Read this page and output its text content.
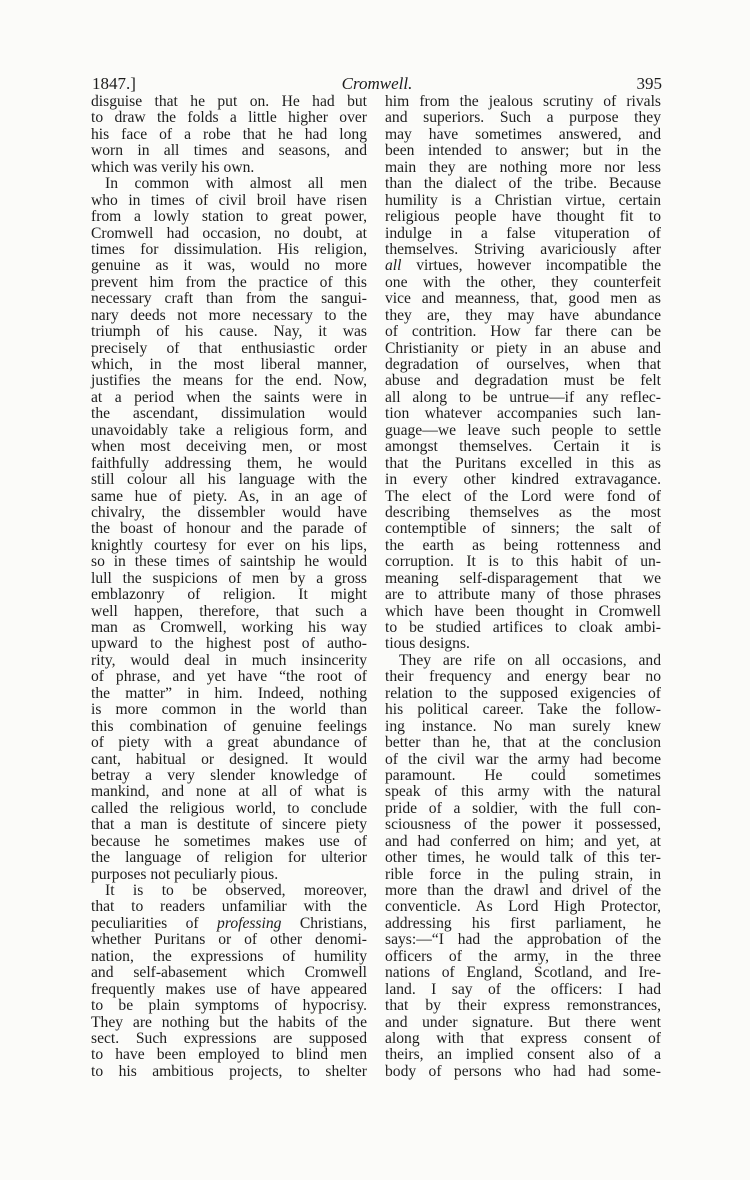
1847.]	Cromwell.	395
disguise that he put on. He had but
to draw the folds a little higher over
his face of a robe that he had long
worn in all times and seasons, and
which was verily his own.
In common with almost all men
who in times of civil broil have risen
from a lowly station to great power,
Cromwell had occasion, no doubt, at
times for dissimulation. His religion,
genuine as it was, would no more
prevent him from the practice of this
necessary craft than from the sangui-
nary deeds not more necessary to the
triumph of his cause. Nay, it was
precisely of that enthusiastic order
which, in the most liberal manner,
justifies the means for the end. Now,
at a period when the saints were in
the ascendant, dissimulation would
unavoidably take a religious form, and
when most deceiving men, or most
faithfully addressing them, he would
still colour all his language with the
same hue of piety. As, in an age of
chivalry, the dissembler would have
the boast of honour and the parade of
knightly courtesy for ever on his lips,
so in these times of saintship he would
lull the suspicions of men by a gross
emblazonry of religion. It might
well happen, therefore, that such a
man as Cromwell, working his way
upward to the highest post of autho-
rity, would deal in much insincerity
of phrase, and yet have “the root of
the matter” in him. Indeed, nothing
is more common in the world than
this combination of genuine feelings
of piety with a great abundance of
cant, habitual or designed. It would
betray a very slender knowledge of
mankind, and none at all of what is
called the religious world, to conclude
that a man is destitute of sincere piety
because he sometimes makes use of
the language of religion for ulterior
purposes not peculiarly pious.
It is to be observed, moreover,
that to readers unfamiliar with the
peculiarities of professing Christians,
whether Puritans or of other denomi-
nation, the expressions of humility
and self-abasement which Cromwell
frequently makes use of have appeared
to be plain symptoms of hypocrisy.
They are nothing but the habits of the
sect. Such expressions are supposed
to have been employed to blind men
to his ambitious projects, to shelter
him from the jealous scrutiny of rivals
and superiors. Such a purpose they
may have sometimes answered, and
been intended to answer; but in the
main they are nothing more nor less
than the dialect of the tribe. Because
humility is a Christian virtue, certain
religious people have thought fit to
indulge in a false vituperation of
themselves. Striving avariciously after
all virtues, however incompatible the
one with the other, they counterfeit
vice and meanness, that, good men as
they are, they may have abundance
of contrition. How far there can be
Christianity or piety in an abuse and
degradation of ourselves, when that
abuse and degradation must be felt
all along to be untrue—if any reflec-
tion whatever accompanies such lan-
guage—we leave such people to settle
amongst themselves. Certain it is
that the Puritans excelled in this as
in every other kindred extravagance.
The elect of the Lord were fond of
describing themselves as the most
contemptible of sinners; the salt of
the earth as being rottenness and
corruption. It is to this habit of un-
meaning self-disparagement that we
are to attribute many of those phrases
which have been thought in Cromwell
to be studied artifices to cloak ambi-
tious designs.
They are rife on all occasions, and
their frequency and energy bear no
relation to the supposed exigencies of
his political career. Take the follow-
ing instance. No man surely knew
better than he, that at the conclusion
of the civil war the army had become
paramount. He could sometimes
speak of this army with the natural
pride of a soldier, with the full con-
sciousness of the power it possessed,
and had conferred on him; and yet, at
other times, he would talk of this ter-
rible force in the puling strain, in
more than the drawl and drivel of the
conventicle. As Lord High Protector,
addressing his first parliament, he
says:—“I had the approbation of the
officers of the army, in the three
nations of England, Scotland, and Ire-
land. I say of the officers: I had
that by their express remonstrances,
and under signature. But there went
along with that express consent of
theirs, an implied consent also of a
body of persons who had had some-
